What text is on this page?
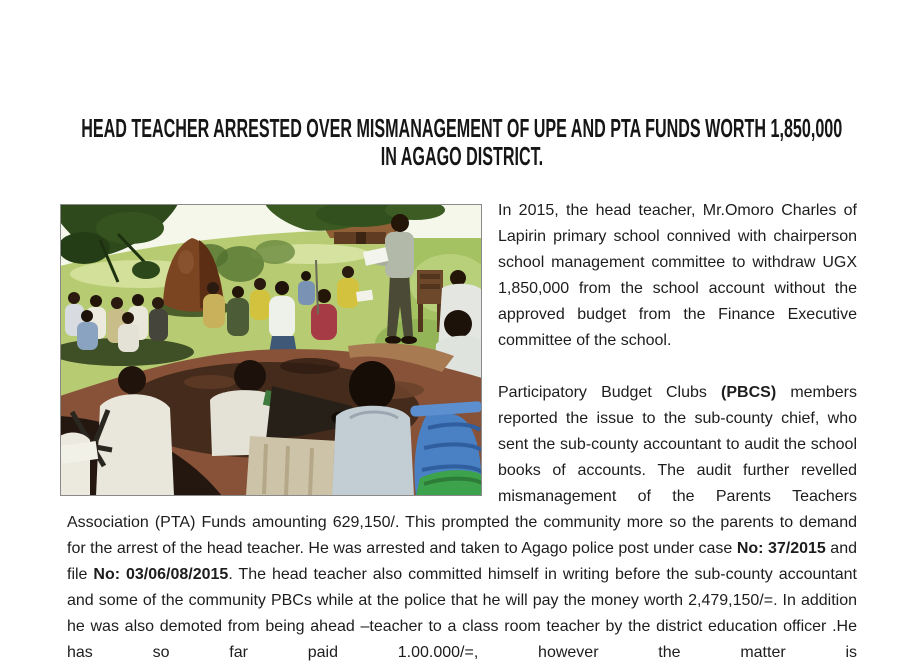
HEAD TEACHER ARRESTED OVER MISMANAGEMENT OF UPE AND PTA FUNDS WORTH 1,850,000
IN AGAGO DISTRICT.

In 2015, the head teacher, Mr.Omoro Charles of Lapirin primary school connived with chairperson school management committee to withdraw UGX 1,850,000 from the school account without the approved budget from the Finance Executive committee of the school.

Participatory Budget Clubs (PBCS) members reported the issue to the sub-county chief, who sent the sub-county accountant to audit the school books of accounts. The audit further revelled mismanagement of the Parents Teachers Association (PTA) Funds amounting 629,150/. This prompted the community more so the parents to demand for the arrest of the head teacher. He was arrested and taken to Agago police post under case No: 37/2015 and file No: 03/06/08/2015. The head teacher also committed himself in writing before the sub-county accountant and some of the community PBCs while at the police that he will pay the money worth 2,479,150/=. In addition he was also demoted from being ahead –teacher to a class room teacher by the district education officer .He has so far paid 1.00.000/=, however the matter is
